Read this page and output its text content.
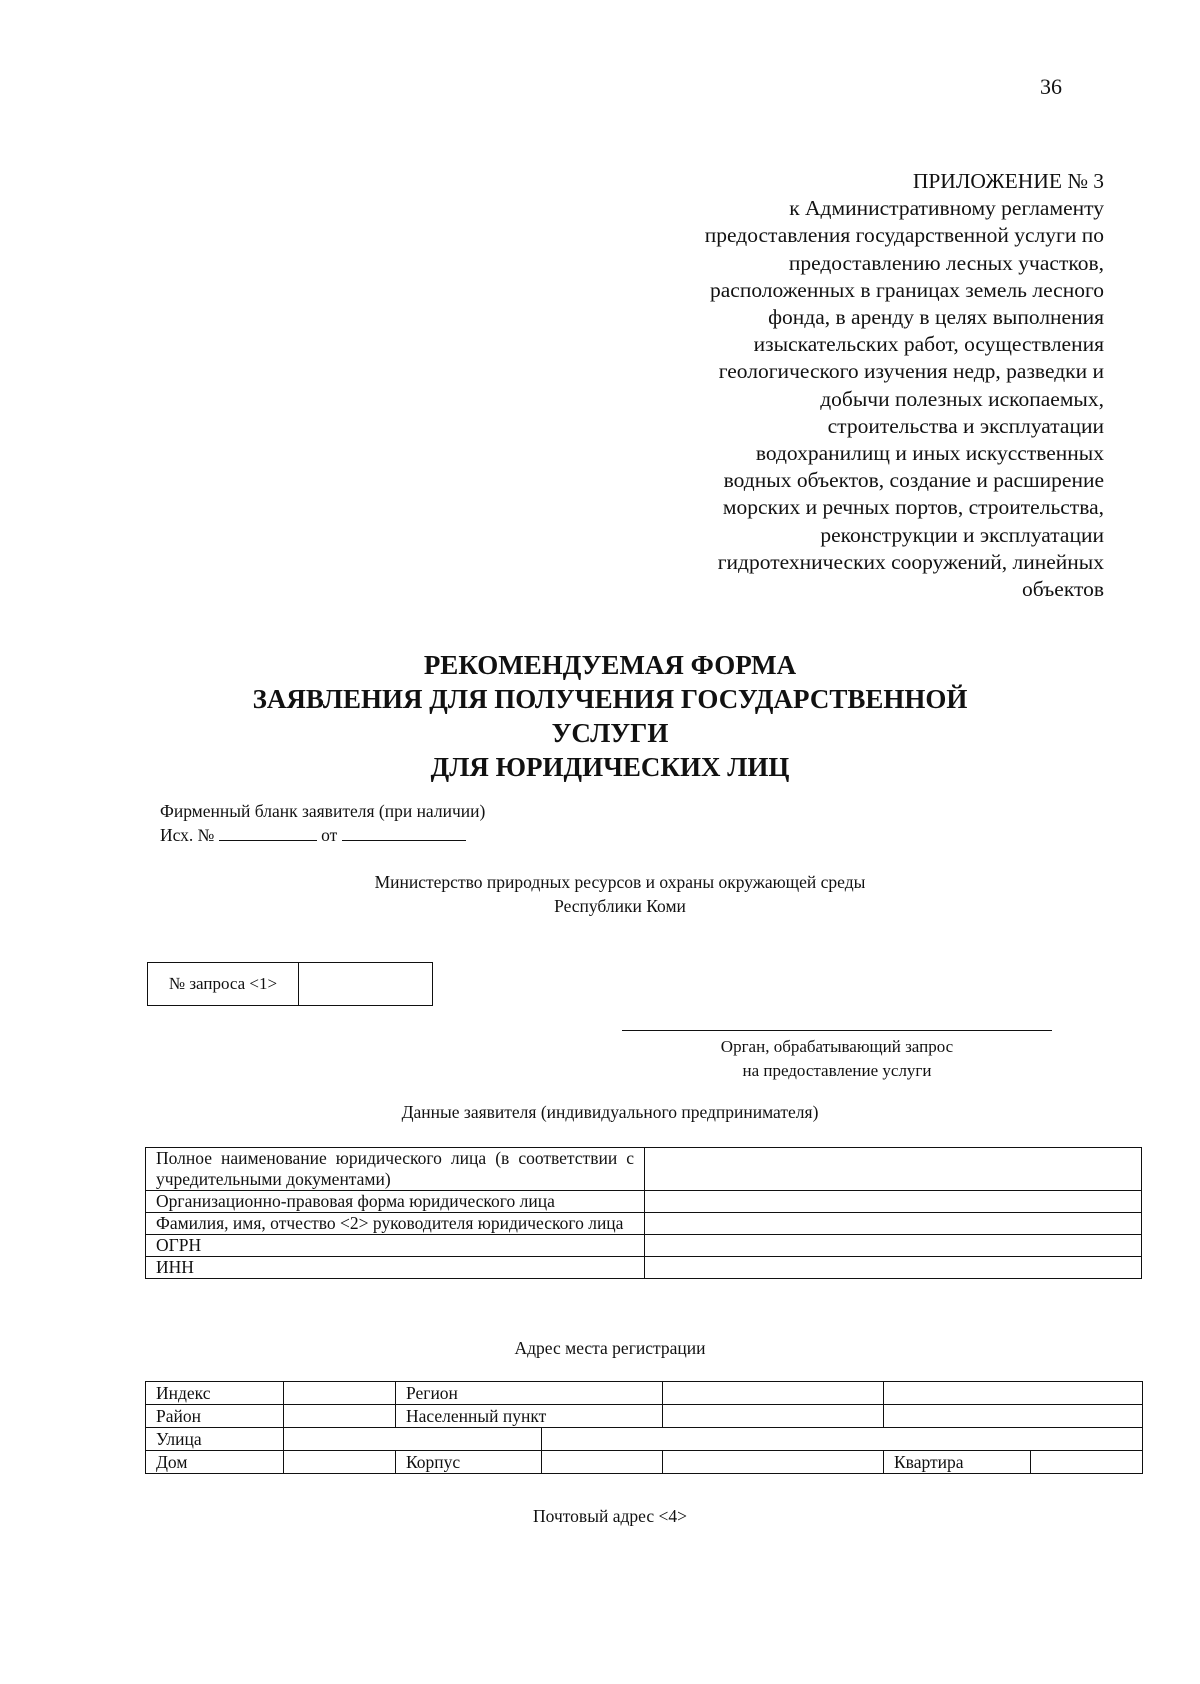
36
ПРИЛОЖЕНИЕ № 3
к Административному регламенту
предоставления государственной услуги по
предоставлению лесных участков,
расположенных в границах земель лесного
фонда, в аренду в целях выполнения
изыскательских работ, осуществления
геологического изучения недр, разведки и
добычи полезных ископаемых,
строительства и эксплуатации
водохранилищ и иных искусственных
водных объектов, создание и расширение
морских и речных портов, строительства,
реконструкции и эксплуатации
гидротехнических сооружений, линейных
объектов
РЕКОМЕНДУЕМАЯ ФОРМА
ЗАЯВЛЕНИЯ ДЛЯ ПОЛУЧЕНИЯ ГОСУДАРСТВЕННОЙ
УСЛУГИ
ДЛЯ ЮРИДИЧЕСКИХ ЛИЦ
Фирменный бланк заявителя (при наличии)
Исх. №	от
Министерство природных ресурсов и охраны окружающей среды
Республики Коми
№ запроса <1>
Орган, обрабатывающий запрос
на предоставление услуги
Данные заявителя (индивидуального предпринимателя)
Полное наименование юридического лица (в соответствии с учредительными документами)	
Организационно-правовая форма юридического лица	
Фамилия, имя, отчество <2> руководителя юридического лица	
ОГРН	
ИНН	
Адрес места регистрации
Индекс		Регион				
Район		Населенный пункт				
Улица						
Дом		Корпус			Квартира	
Почтовый адрес <4>
